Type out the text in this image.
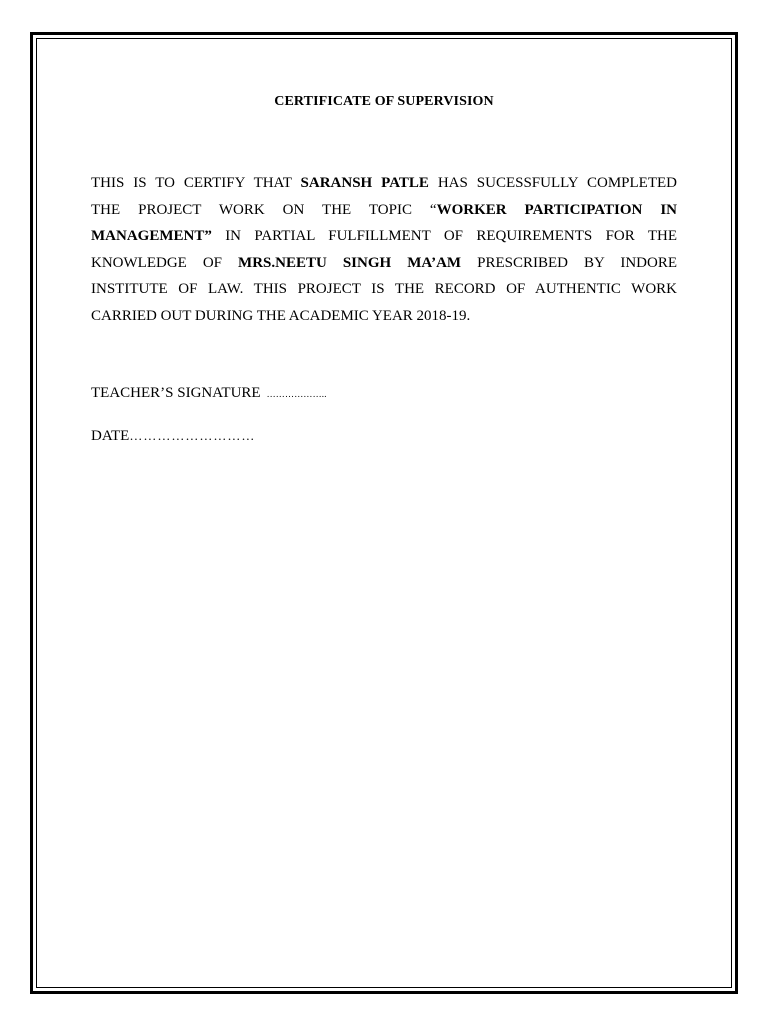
CERTIFICATE OF SUPERVISION
THIS IS TO CERTIFY THAT SARANSH PATLE HAS SUCESSFULLY COMPLETED
THE PROJECT WORK ON THE TOPIC “WORKER PARTICIPATION IN
MANAGEMENT” IN PARTIAL FULFILLMENT OF REQUIREMENTS FOR THE
KNOWLEDGE OF MRS.NEETU SINGH MA’AM PRESCRIBED BY INDORE
INSTITUTE OF LAW. THIS PROJECT IS THE RECORD OF AUTHENTIC WORK
CARRIED OUT DURING THE ACADEMIC YEAR 2018-19.
TEACHER’S SIGNATURE ………………..
DATE………………………
